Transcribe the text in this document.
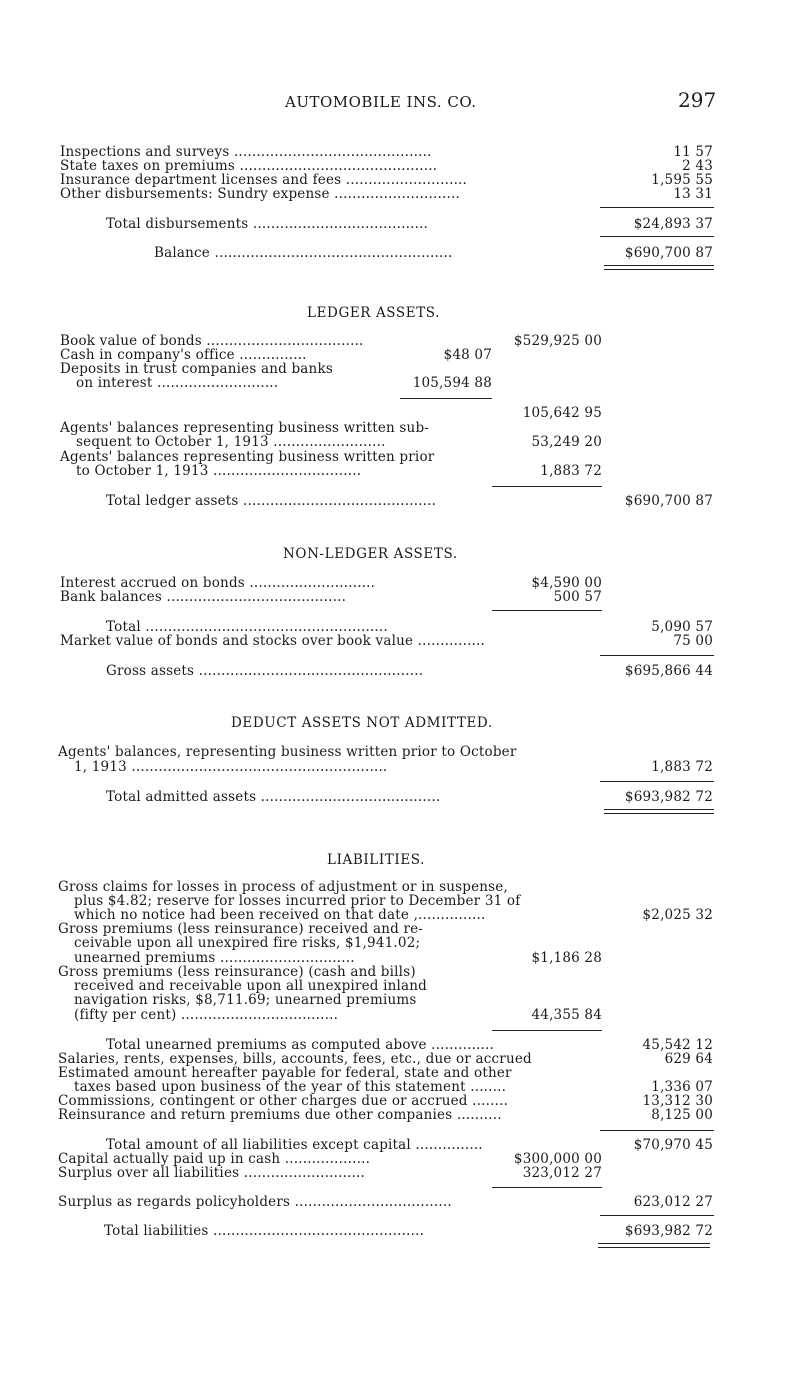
AUTOMOBILE INS. CO.	297
Inspections and surveys ............................................	11 57
State taxes on premiums ............................................	2 43
Insurance department licenses and fees ...........................	1,595 55
Other disbursements: Sundry expense ............................	13 31
Total disbursements .......................................	$24,893 37
Balance .....................................................	$690,700 87
LEDGER ASSETS.
Book value of bonds ...................................	$529,925 00
Cash in company's office ...............	$48 07
Deposits in trust companies and banks
on interest ...........................	105,594 88
105,642 95
Agents' balances representing business written sub-
sequent to October 1, 1913 .........................	53,249 20
Agents' balances representing business written prior
to October 1, 1913 .................................	1,883 72
Total ledger assets ...........................................	$690,700 87
NON-LEDGER ASSETS.
Interest accrued on bonds ............................	$4,590 00
Bank balances ........................................	500 57
Total ......................................................	5,090 57
Market value of bonds and stocks over book value ...............	75 00
Gross assets ..................................................	$695,866 44
DEDUCT ASSETS NOT ADMITTED.
Agents' balances, representing business written prior to October
1, 1913 .........................................................	1,883 72
Total admitted assets ........................................	$693,982 72
LIABILITIES.
Gross claims for losses in process of adjustment or in suspense,
plus $4.82; reserve for losses incurred prior to December 31 of
which no notice had been received on that date ,...............	$2,025 32
Gross premiums (less reinsurance) received and re-
ceivable upon all unexpired fire risks, $1,941.02;
unearned premiums ..............................	$1,186 28
Gross premiums (less reinsurance) (cash and bills)
received and receivable upon all unexpired inland
navigation risks, $8,711.69; unearned premiums
(fifty per cent) ...................................	44,355 84
Total unearned premiums as computed above ..............	45,542 12
Salaries, rents, expenses, bills, accounts, fees, etc., due or accrued	629 64
Estimated amount hereafter payable for federal, state and other
taxes based upon business of the year of this statement ........	1,336 07
Commissions, contingent or other charges due or accrued ........	13,312 30
Reinsurance and return premiums due other companies ..........	8,125 00
Total amount of all liabilities except capital ...............	$70,970 45
Capital actually paid up in cash ...................	$300,000 00
Surplus over all liabilities ...........................	323,012 27
Surplus as regards policyholders ...................................	623,012 27
Total liabilities ...............................................	$693,982 72
